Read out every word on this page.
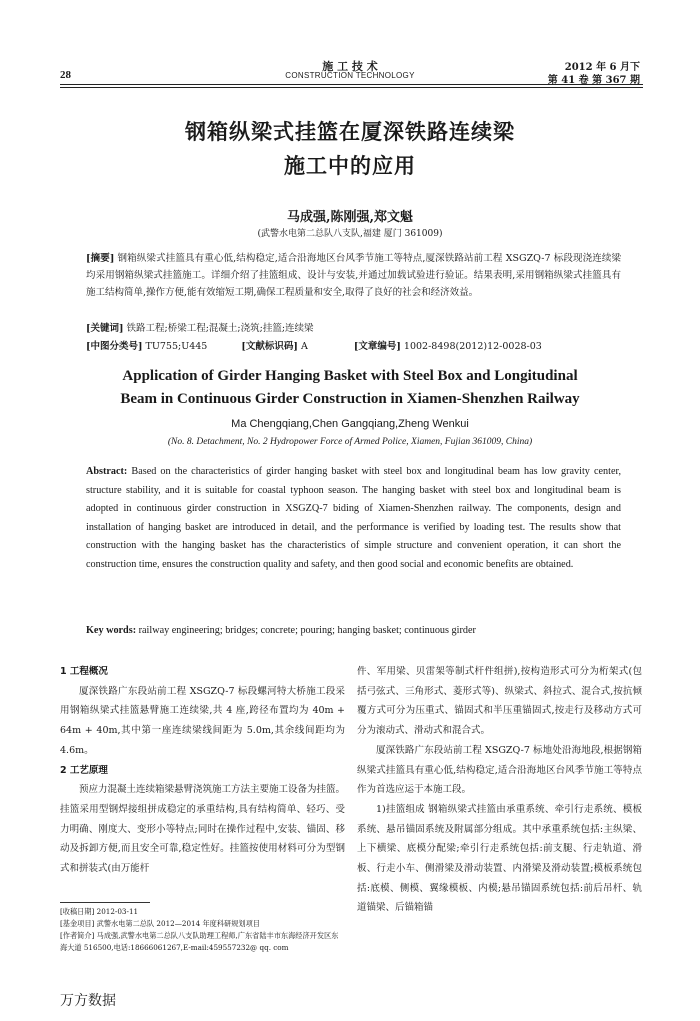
28
施 工 技 术
CONSTRUCTION TECHNOLOGY
2012 年 6 月下
第 41 卷 第 367 期
钢箱纵梁式挂篮在厦深铁路连续梁
施工中的应用
马成强,陈刚强,郑文魁
(武警水电第二总队八支队,福建 厦门 361009)
[摘要] 钢箱纵梁式挂篮具有重心低,结构稳定,适合沿海地区台风季节施工等特点,厦深铁路站前工程 XSGZQ-7 标段现浇连续梁均采用钢箱纵梁式挂篮施工。详细介绍了挂篮组成、设计与安装,并通过加载试验进行验证。结果表明,采用钢箱纵梁式挂篮具有施工结构简单,操作方便,能有效缩短工期,确保工程质量和安全,取得了良好的社会和经济效益。
[关键词] 铁路工程;桥梁工程;混凝土;浇筑;挂篮;连续梁
[中图分类号] TU755;U445	[文献标识码] A	[文章编号] 1002-8498(2012)12-0028-03
Application of Girder Hanging Basket with Steel Box and Longitudinal
Beam in Continuous Girder Construction in Xiamen-Shenzhen Railway
Ma Chengqiang,Chen Gangqiang,Zheng Wenkui
(No. 8. Detachment, No. 2 Hydropower Force of Armed Police, Xiamen, Fujian 361009, China)
Abstract: Based on the characteristics of girder hanging basket with steel box and longitudinal beam has low gravity center, structure stability, and it is suitable for coastal typhoon season. The hanging basket with steel box and longitudinal beam is adopted in continuous girder construction in XSGZQ-7 biding of Xiamen-Shenzhen railway. The components, design and installation of hanging basket are introduced in detail, and the performance is verified by loading test. The results show that construction with the hanging basket has the characteristics of simple structure and convenient operation, it can short the construction time, ensures the construction quality and safety, and then good social and economic benefits are obtained.
Key words: railway engineering; bridges; concrete; pouring; hanging basket; continuous girder
1 工程概况
厦深铁路广东段站前工程 XSGZQ-7 标段螺河特大桥施工段采用钢箱纵梁式挂篮悬臂施工连续梁,共 4 座,跨径布置均为 40m + 64m + 40m,其中第一座连续梁线间距为 5.0m,其余线间距均为 4.6m。
2 工艺原理
预应力混凝土连续箱梁悬臂浇筑施工方法主要施工设备为挂篮。挂篮采用型钢焊接组拼成稳定的承重结构,具有结构简单、轻巧、受力明确、刚度大、变形小等特点;同时在操作过程中,安装、锚固、移动及拆卸方便,而且安全可靠,稳定性好。挂篮按使用材料可分为型钢式和拼装式(由万能杆
[收稿日期] 2012-03-11
[基金项目] 武警水电第二总队 2012—2014 年度科研规划项目
[作者简介] 马成强,武警水电第二总队八支队助理工程师,广东省陆丰市东海经济开发区东海大道 516500,电话:18666061267,E-mail:459557232@ qq. com
件、军用梁、贝雷架等制式杆件组拼),按构造形式可分为桁架式(包括弓弦式、三角形式、菱形式等)、纵梁式、斜拉式、混合式,按抗倾覆方式可分为压重式、锚固式和半压重锚固式,按走行及移动方式可分为滚动式、滑动式和混合式。
厦深铁路广东段站前工程 XSGZQ-7 标地处沿海地段,根据钢箱纵梁式挂篮具有重心低,结构稳定,适合沿海地区台风季节施工等特点作为首选应运于本施工段。
1)挂篮组成 钢箱纵梁式挂篮由承重系统、牵引行走系统、模板系统、悬吊锚固系统及附属部分组成。其中承重系统包括:主纵梁、上下横梁、底模分配梁;牵引行走系统包括:前支腿、行走轨道、滑板、行走小车、侧滑梁及滑动装置、内滑梁及滑动装置;模板系统包括:底模、侧模、翼缘模板、内模;悬吊锚固系统包括:前后吊杆、轨道锚梁、后锚箱锚
万方数据
